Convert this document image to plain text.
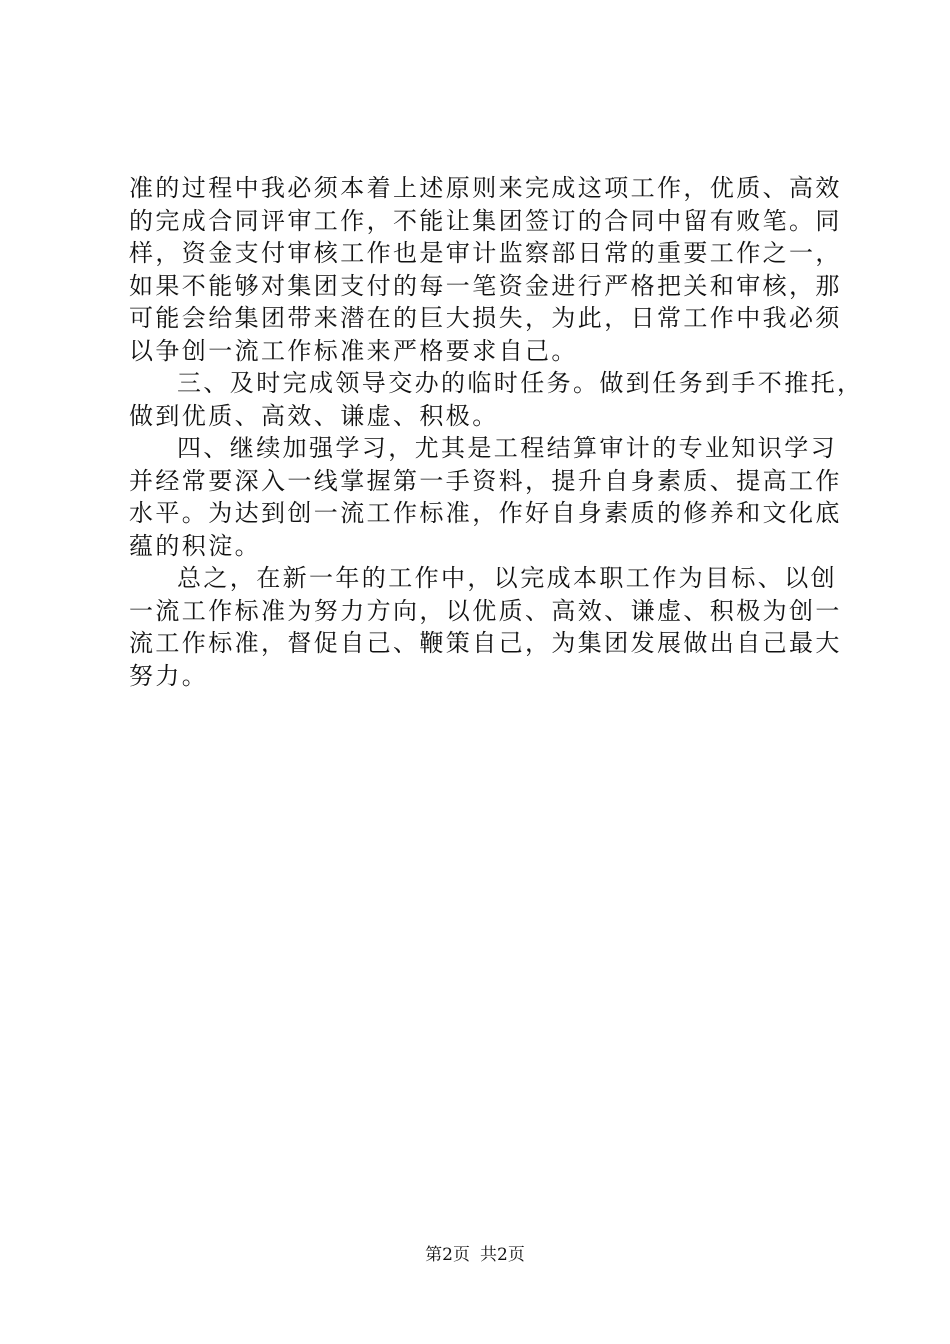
准的过程中我必须本着上述原则来完成这项工作，优质、高效
的完成合同评审工作，不能让集团签订的合同中留有败笔。同
样，资金支付审核工作也是审计监察部日常的重要工作之一，
如果不能够对集团支付的每一笔资金进行严格把关和审核，那
可能会给集团带来潜在的巨大损失，为此，日常工作中我必须
以争创一流工作标准来严格要求自己。
三、及时完成领导交办的临时任务。做到任务到手不推托，
做到优质、高效、谦虚、积极。
四、继续加强学习，尤其是工程结算审计的专业知识学习
并经常要深入一线掌握第一手资料，提升自身素质、提高工作
水平。为达到创一流工作标准，作好自身素质的修养和文化底
蕴的积淀。
总之，在新一年的工作中，以完成本职工作为目标、以创
一流工作标准为努力方向，以优质、高效、谦虚、积极为创一
流工作标准，督促自己、鞭策自己，为集团发展做出自己最大
努力。
第2页 共2页
